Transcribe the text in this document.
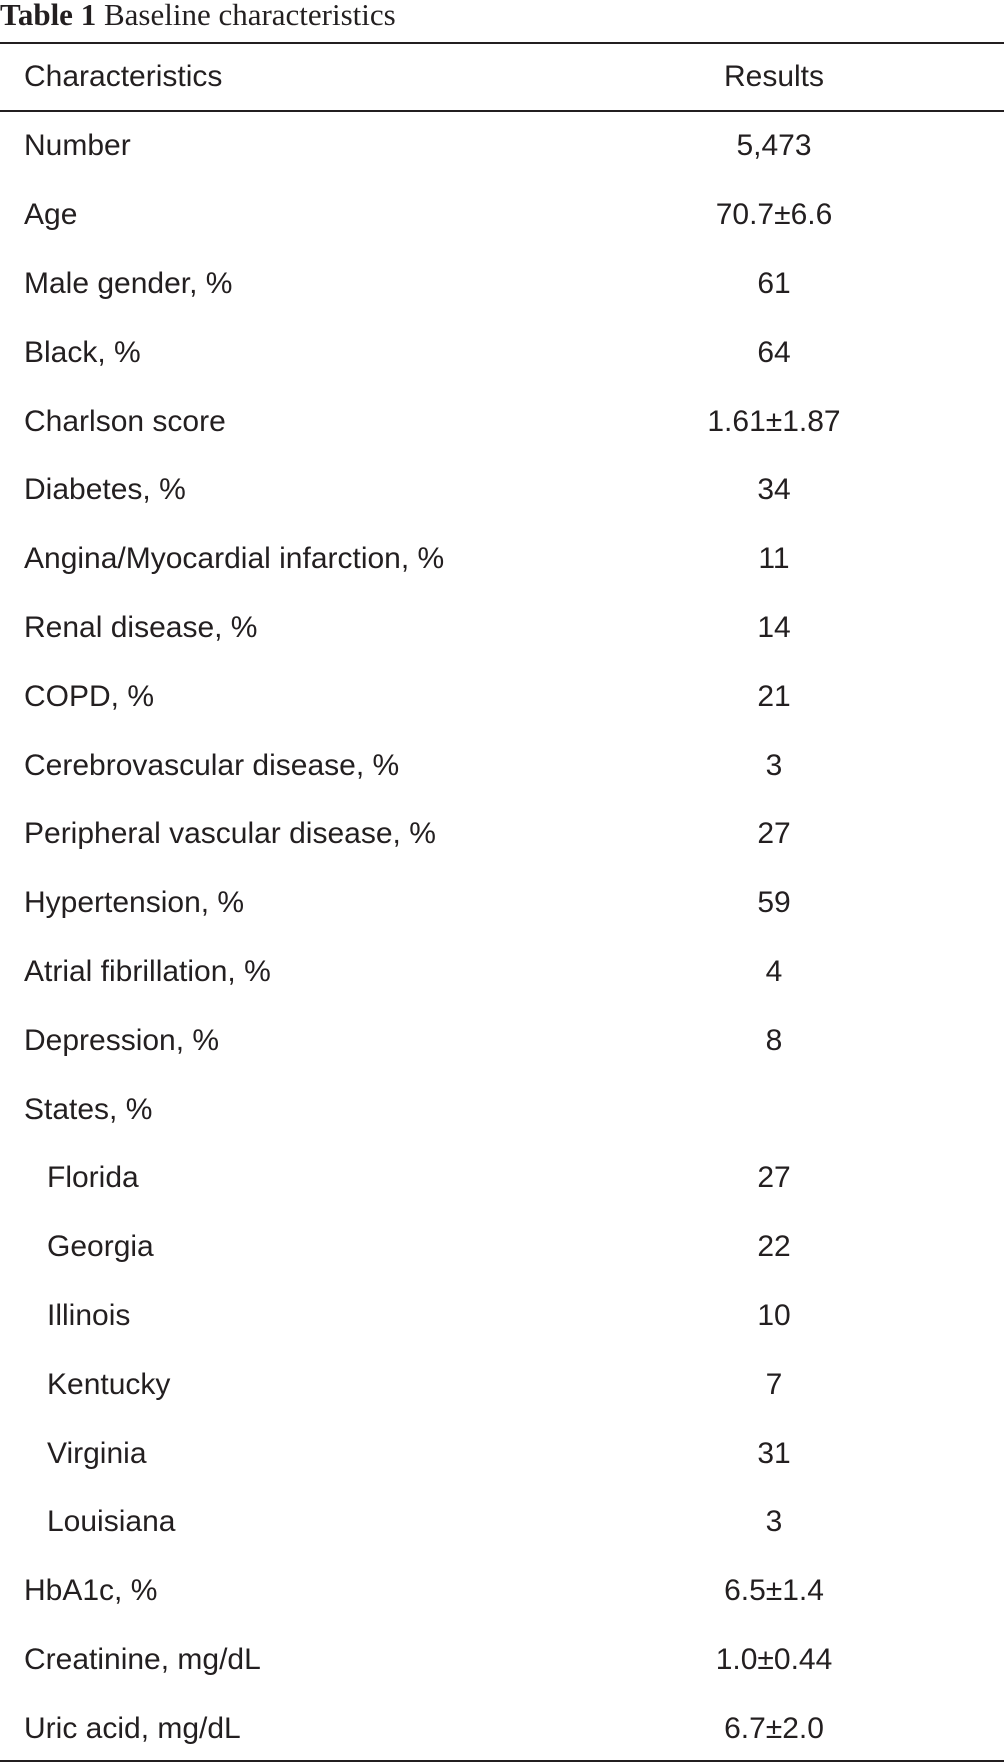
Table 1 Baseline characteristics
Characteristics	Results
Number	5,473
Age	70.7±6.6
Male gender, %	61
Black, %	64
Charlson score	1.61±1.87
Diabetes, %	34
Angina/Myocardial infarction, %	11
Renal disease, %	14
COPD, %	21
Cerebrovascular disease, %	3
Peripheral vascular disease, %	27
Hypertension, %	59
Atrial fibrillation, %	4
Depression, %	8
States, %
Florida	27
Georgia	22
Illinois	10
Kentucky	7
Virginia	31
Louisiana	3
HbA1c, %	6.5±1.4
Creatinine, mg/dL	1.0±0.44
Uric acid, mg/dL	6.7±2.0
